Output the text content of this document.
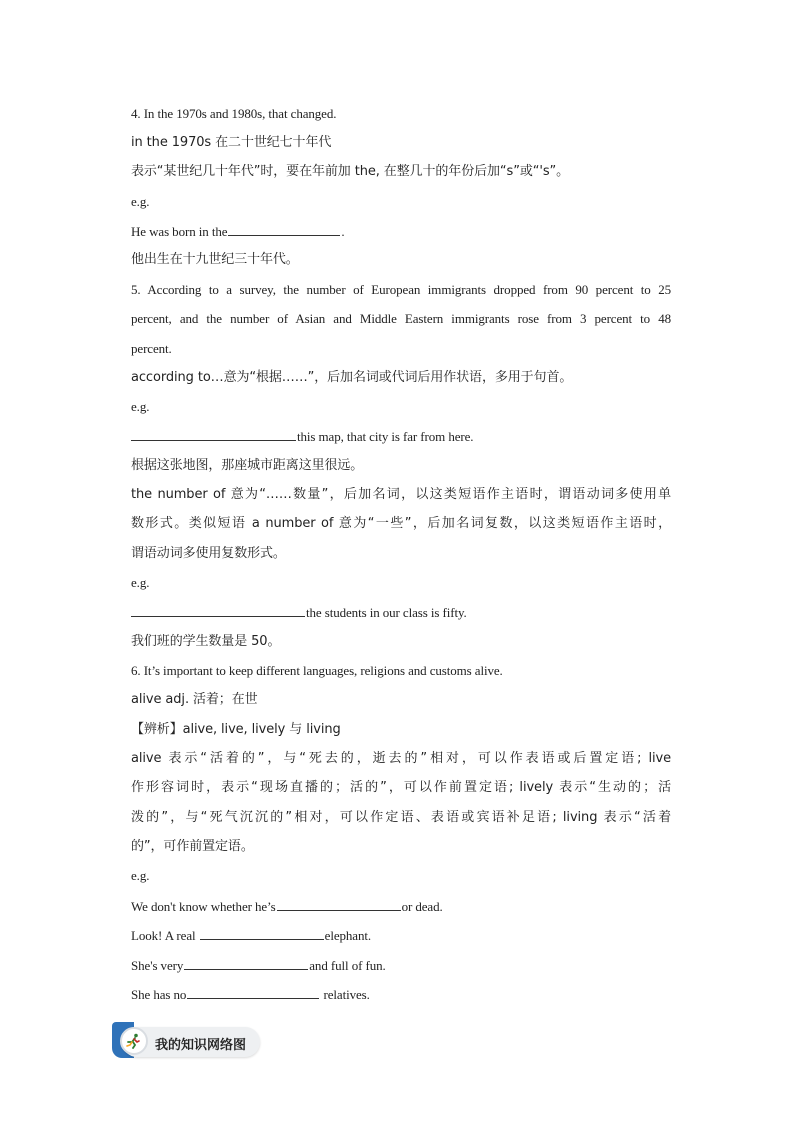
4. In the 1970s and 1980s, that changed.
in the 1970s 在二十世纪七十年代
表示“某世纪几十年代”时，要在年前加 the, 在整几十的年份后加“s”或“'s”。
e.g.
He was born in the	.
他出生在十九世纪三十年代。
5. According to a survey, the number of European immigrants dropped from 90 percent to 25
percent, and the number of Asian and Middle Eastern immigrants rose from 3 percent to 48
percent.
according to…意为“根据……”，后加名词或代词后用作状语，多用于句首。
e.g.
this map, that city is far from here.
根据这张地图，那座城市距离这里很远。
the number of 意为“……数量”，后加名词，以这类短语作主语时，谓语动词多使用单
数形式。类似短语 a number of 意为“一些”，后加名词复数，以这类短语作主语时，
谓语动词多使用复数形式。
e.g.
the students in our class is fifty.
我们班的学生数量是 50。
6. It’s important to keep different languages, religions and customs alive.
alive adj. 活着；在世
【辨析】alive, live, lively 与 living
alive 表示“活着的”，与“死去的，逝去的”相对，可以作表语或后置定语; live
作形容词时，表示“现场直播的；活的”，可以作前置定语; lively 表示“生动的；活
泼的”，与“死气沉沉的”相对，可以作定语、表语或宾语补足语; living 表示“活着
的”，可作前置定语。
e.g.
We don't know whether he’s	or dead.
Look! A real	elephant.
She's very	and full of fun.
She has no	relatives.
我的知识网络图
